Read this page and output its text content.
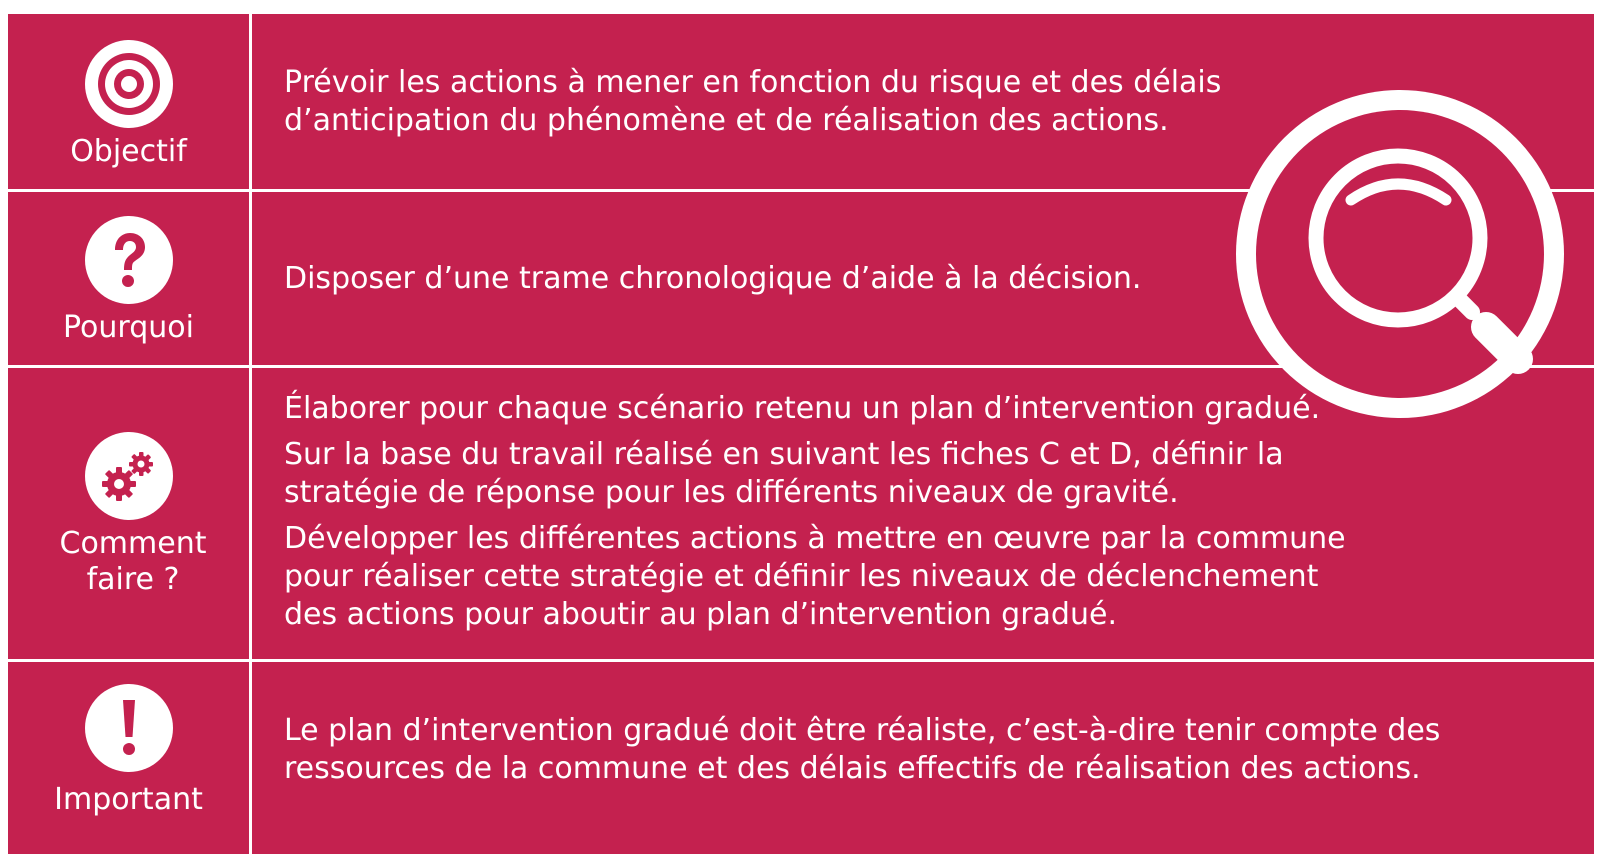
Objectif

Prévoir les actions à mener en fonction du risque et des délais d’anticipation du phénomène et de réalisation des actions.

Pourquoi

Disposer d’une trame chronologique d’aide à la décision.

Comment faire ?

Élaborer pour chaque scénario retenu un plan d’intervention gradué.

Sur la base du travail réalisé en suivant les fiches C et D, définir la stratégie de réponse pour les différents niveaux de gravité.

Développer les différentes actions à mettre en œuvre par la commune pour réaliser cette stratégie et définir les niveaux de déclenchement des actions pour aboutir au plan d’intervention gradué.

Important

Le plan d’intervention gradué doit être réaliste, c’est-à-dire tenir compte des ressources de la commune et des délais effectifs de réalisation des actions.
